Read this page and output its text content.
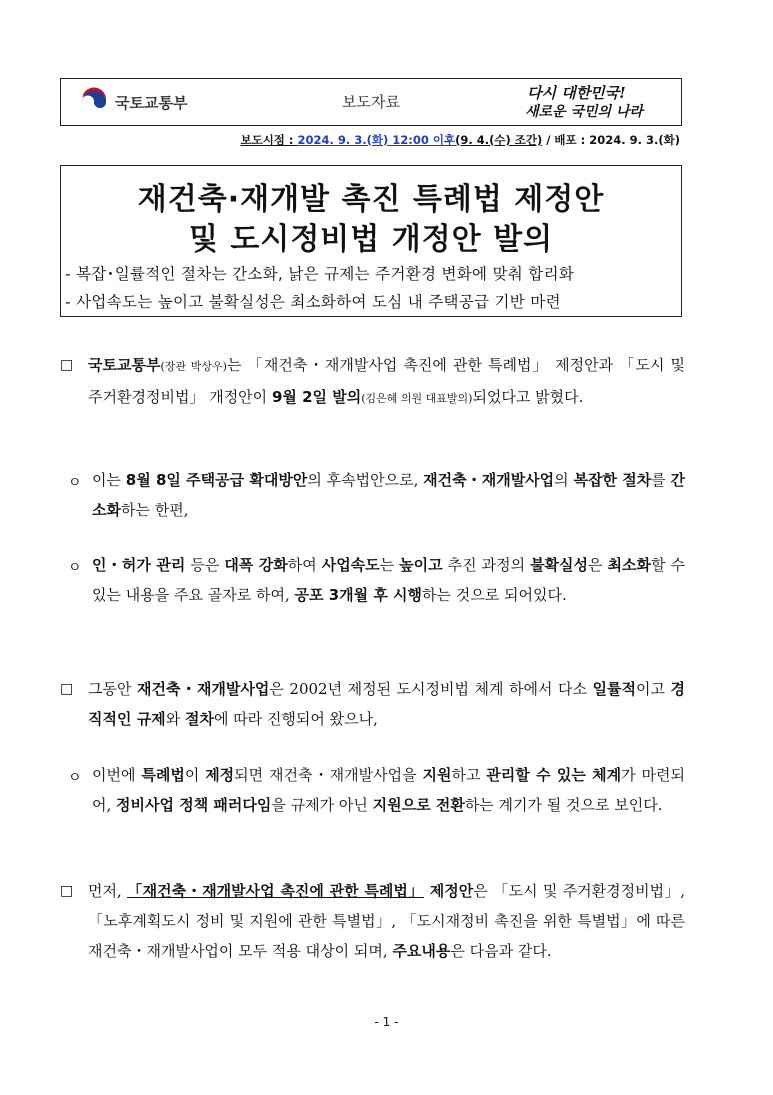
국토교통부	보도자료	다시 대한민국!
새로운 국민의 나라
보도시점 : 2024. 9. 3.(화) 12:00 이후(9. 4.(수) 조간) / 배포 : 2024. 9. 3.(화)
재건축·재개발 촉진 특례법 제정안
및 도시정비법 개정안 발의
- 복잡･일률적인 절차는 간소화, 낡은 규제는 주거환경 변화에 맞춰 합리화
- 사업속도는 높이고 불확실성은 최소화하여 도심 내 주택공급 기반 마련
□ 국토교통부(장관 박상우)는 「재건축・재개발사업 촉진에 관한 특례법」 제정안과 「도시 및 주거환경정비법」 개정안이 9월 2일 발의(김은혜 의원 대표발의)되었다고 밝혔다.
ㅇ 이는 8월 8일 주택공급 확대방안의 후속법안으로, 재건축・재개발사업의 복잡한 절차를 간소화하는 한편,
ㅇ 인・허가 관리 등은 대폭 강화하여 사업속도는 높이고 추진 과정의 불확실성은 최소화할 수 있는 내용을 주요 골자로 하여, 공포 3개월 후 시행하는 것으로 되어있다.
□ 그동안 재건축・재개발사업은 2002년 제정된 도시정비법 체계 하에서 다소 일률적이고 경직적인 규제와 절차에 따라 진행되어 왔으나,
ㅇ 이번에 특례법이 제정되면 재건축・재개발사업을 지원하고 관리할 수 있는 체계가 마련되어, 정비사업 정책 패러다임을 규제가 아닌 지원으로 전환하는 계기가 될 것으로 보인다.
□ 먼저, 「재건축・재개발사업 촉진에 관한 특례법」 제정안은 「도시 및 주거환경정비법」, 「노후계획도시 정비 및 지원에 관한 특별법」, 「도시재정비 촉진을 위한 특별법」에 따른 재건축・재개발사업이 모두 적용 대상이 되며, 주요내용은 다음과 같다.
- 1 -
